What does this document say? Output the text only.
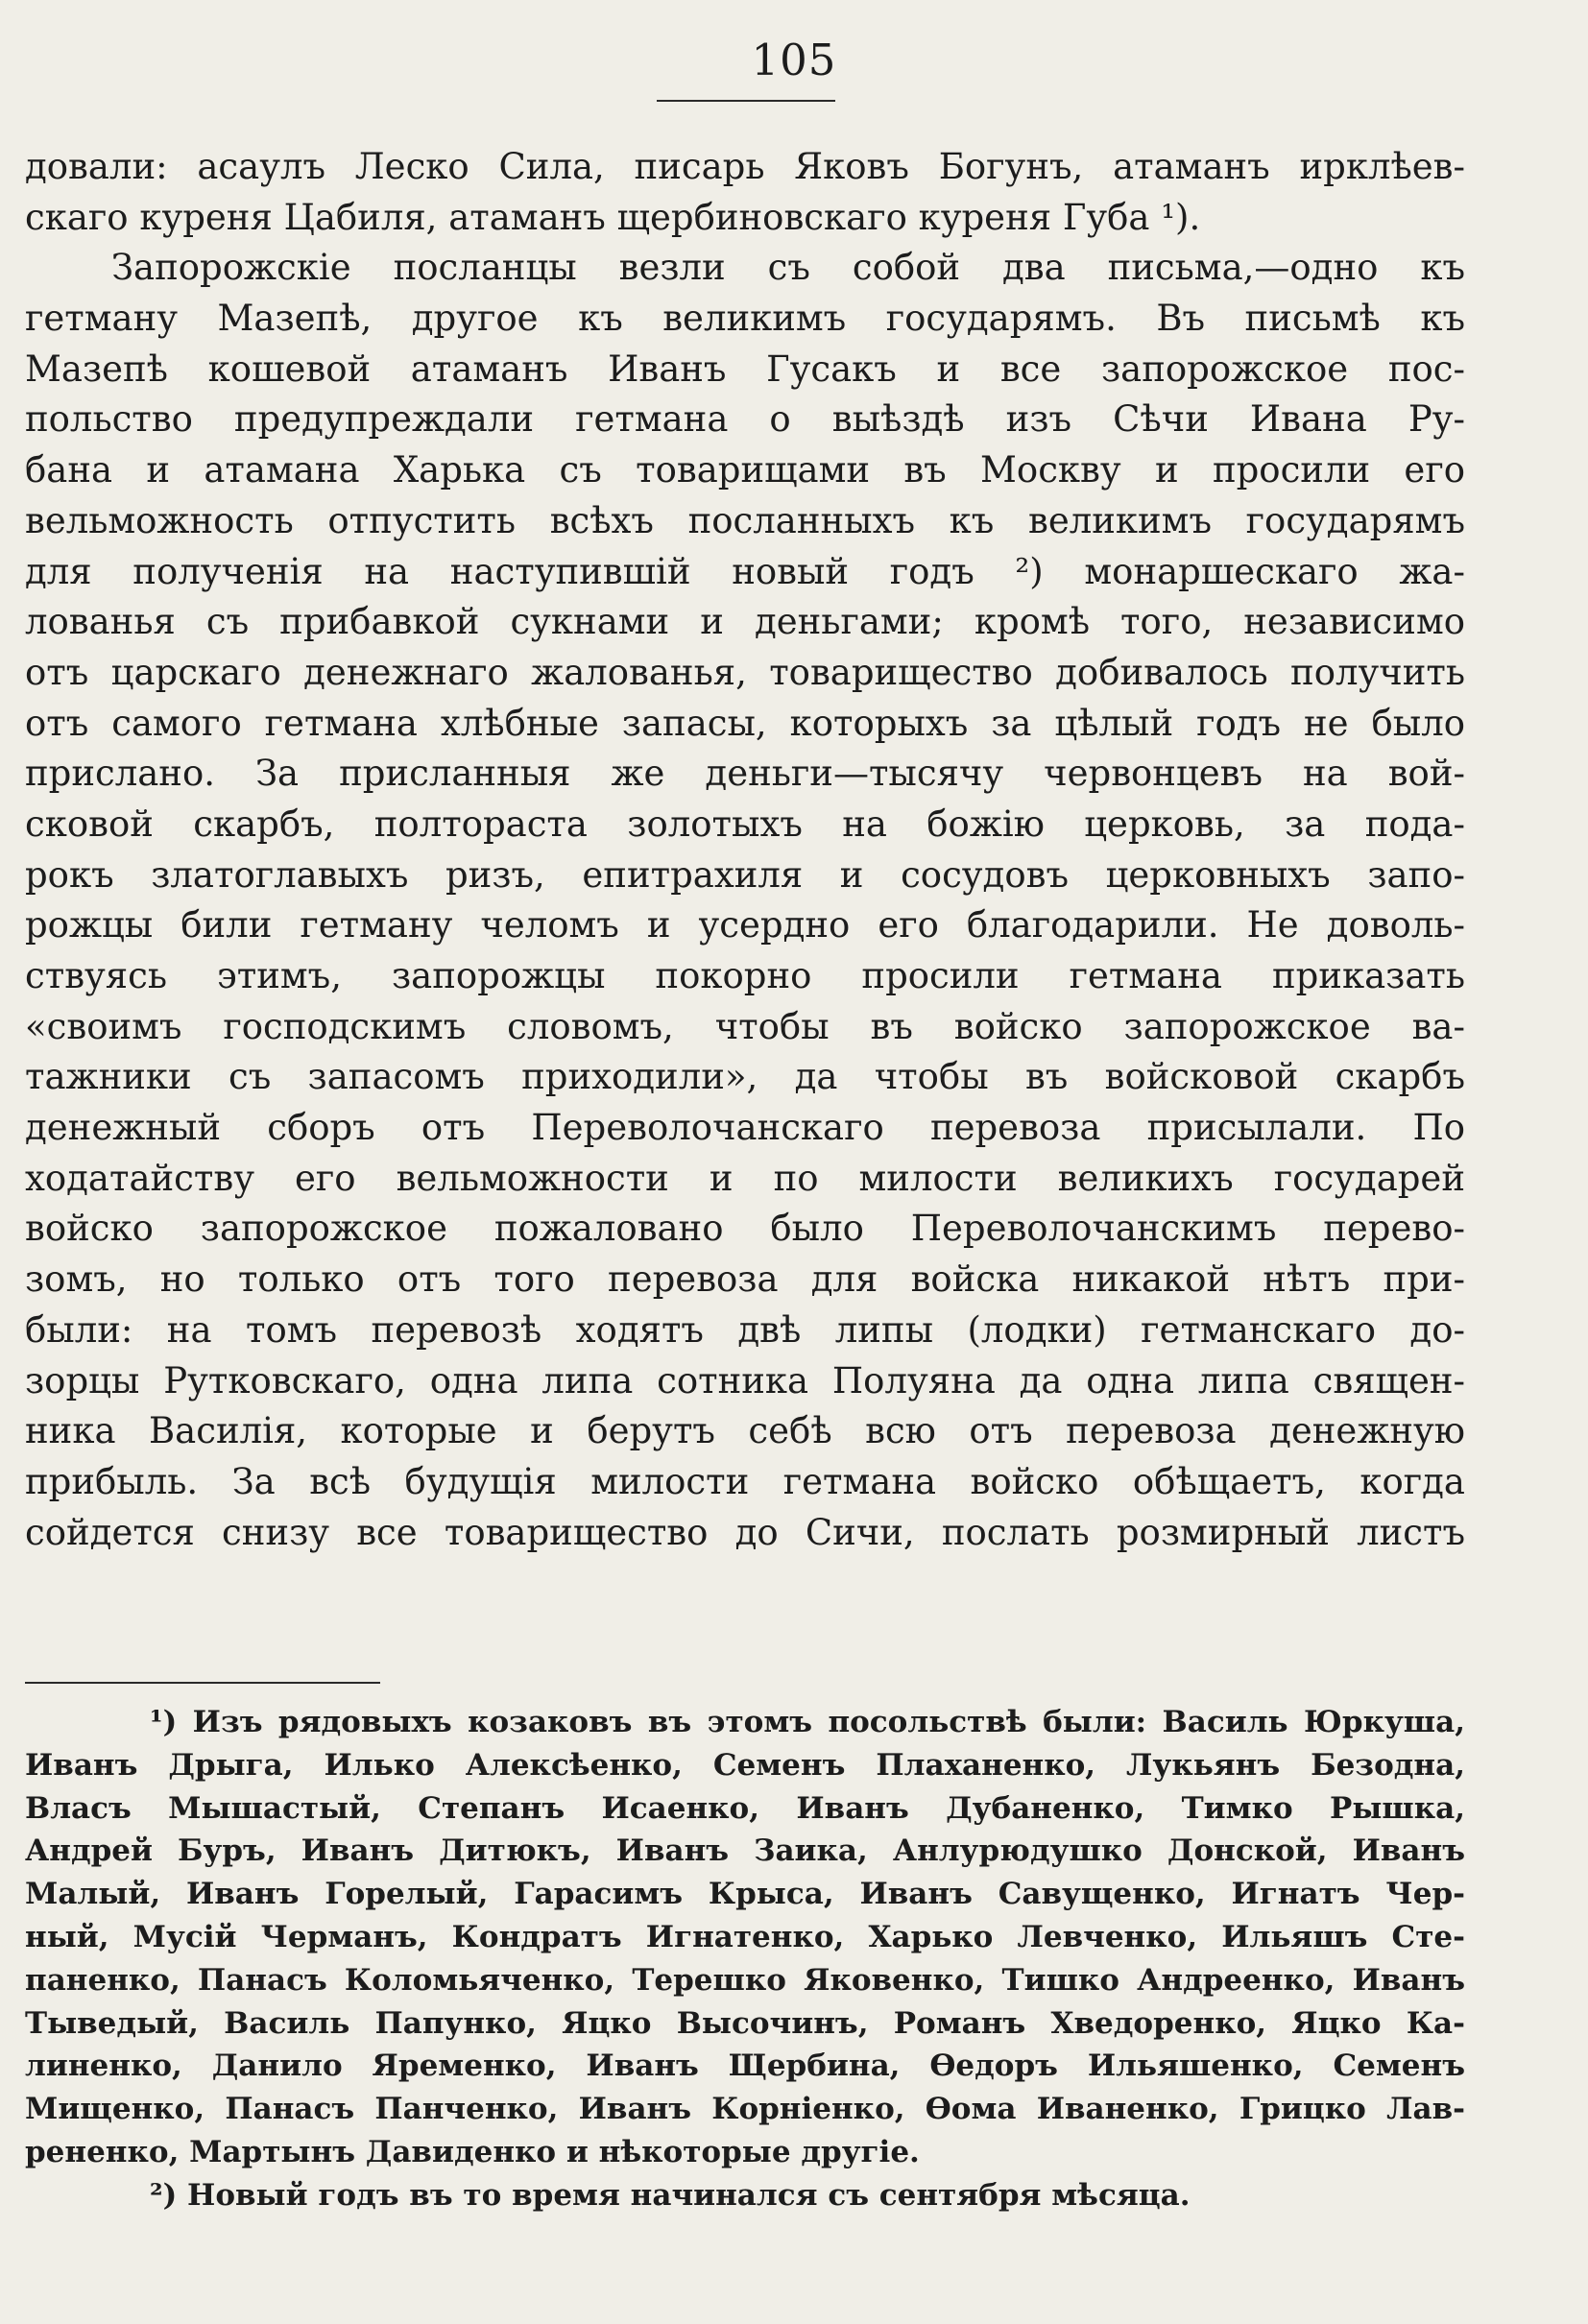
105
довали: асаулъ Леско Сила, писарь Яковъ Богунъ, атаманъ ирклѣев-
скаго куреня Цабиля, атаманъ щербиновскаго куреня Губа ¹).
Запорожскіе посланцы везли съ собой два письма,—одно къ
гетману Мазепѣ, другое къ великимъ государямъ. Въ письмѣ къ
Мазепѣ кошевой атаманъ Иванъ Гусакъ и все запорожское пос-
польство предупреждали гетмана о выѣздѣ изъ Сѣчи Ивана Ру-
бана и атамана Харька съ товарищами въ Москву и просили его
вельможность отпустить всѣхъ посланныхъ къ великимъ государямъ
для полученія на наступившій новый годъ ²) монаршескаго жа-
лованья съ прибавкой сукнами и деньгами; кромѣ того, независимо
отъ царскаго денежнаго жалованья, товарищество добивалось получить
отъ самого гетмана хлѣбные запасы, которыхъ за цѣлый годъ не было
прислано. За присланныя же деньги—тысячу червонцевъ на вой-
сковой скарбъ, полтораста золотыхъ на божію церковь, за пода-
рокъ златоглавыхъ ризъ, епитрахиля и сосудовъ церковныхъ запо-
рожцы били гетману челомъ и усердно его благодарили. Не доволь-
ствуясь этимъ, запорожцы покорно просили гетмана приказать
«своимъ господскимъ словомъ, чтобы въ войско запорожское ва-
тажники съ запасомъ приходили», да чтобы въ войсковой скарбъ
денежный сборъ отъ Переволочанскаго перевоза присылали. По
ходатайству его вельможности и по милости великихъ государей
войско запорожское пожаловано было Переволочанскимъ перево-
зомъ, но только отъ того перевоза для войска никакой нѣтъ при-
были: на томъ перевозѣ ходятъ двѣ липы (лодки) гетманскаго до-
зорцы Рутковскаго, одна липа сотника Полуяна да одна липа священ-
ника Василія, которые и берутъ себѣ всю отъ перевоза денежную
прибыль. За всѣ будущія милости гетмана войско обѣщаетъ, когда
сойдется снизу все товарищество до Сичи, послать розмирный листъ
¹) Изъ рядовыхъ козаковъ въ этомъ посольствѣ были: Василь Юркуша,
Иванъ Дрыга, Илько Алексѣенко, Семенъ Плаханенко, Лукьянъ Безодна,
Власъ Мышастый, Степанъ Исаенко, Иванъ Дубаненко, Тимко Рышка,
Андрей Буръ, Иванъ Дитюкъ, Иванъ Заика, Анлурюдушко Донской, Иванъ
Малый, Иванъ Горелый, Гарасимъ Крыса, Иванъ Савущенко, Игнатъ Чер-
ный, Мусій Черманъ, Кондратъ Игнатенко, Харько Левченко, Ильяшъ Сте-
паненко, Панасъ Коломьяченко, Терешко Яковенко, Тишко Андреенко, Иванъ
Тыведый, Василь Папунко, Яцко Высочинъ, Романъ Хведоренко, Яцко Ка-
линенко, Данило Яременко, Иванъ Щербина, Ѳедоръ Ильяшенко, Семенъ
Мищенко, Панасъ Панченко, Иванъ Корніенко, Ѳома Иваненко, Грицко Лав-
рененко, Мартынъ Давиденко и нѣкоторые другіе.
²) Новый годъ въ то время начинался съ сентября мѣсяца.
